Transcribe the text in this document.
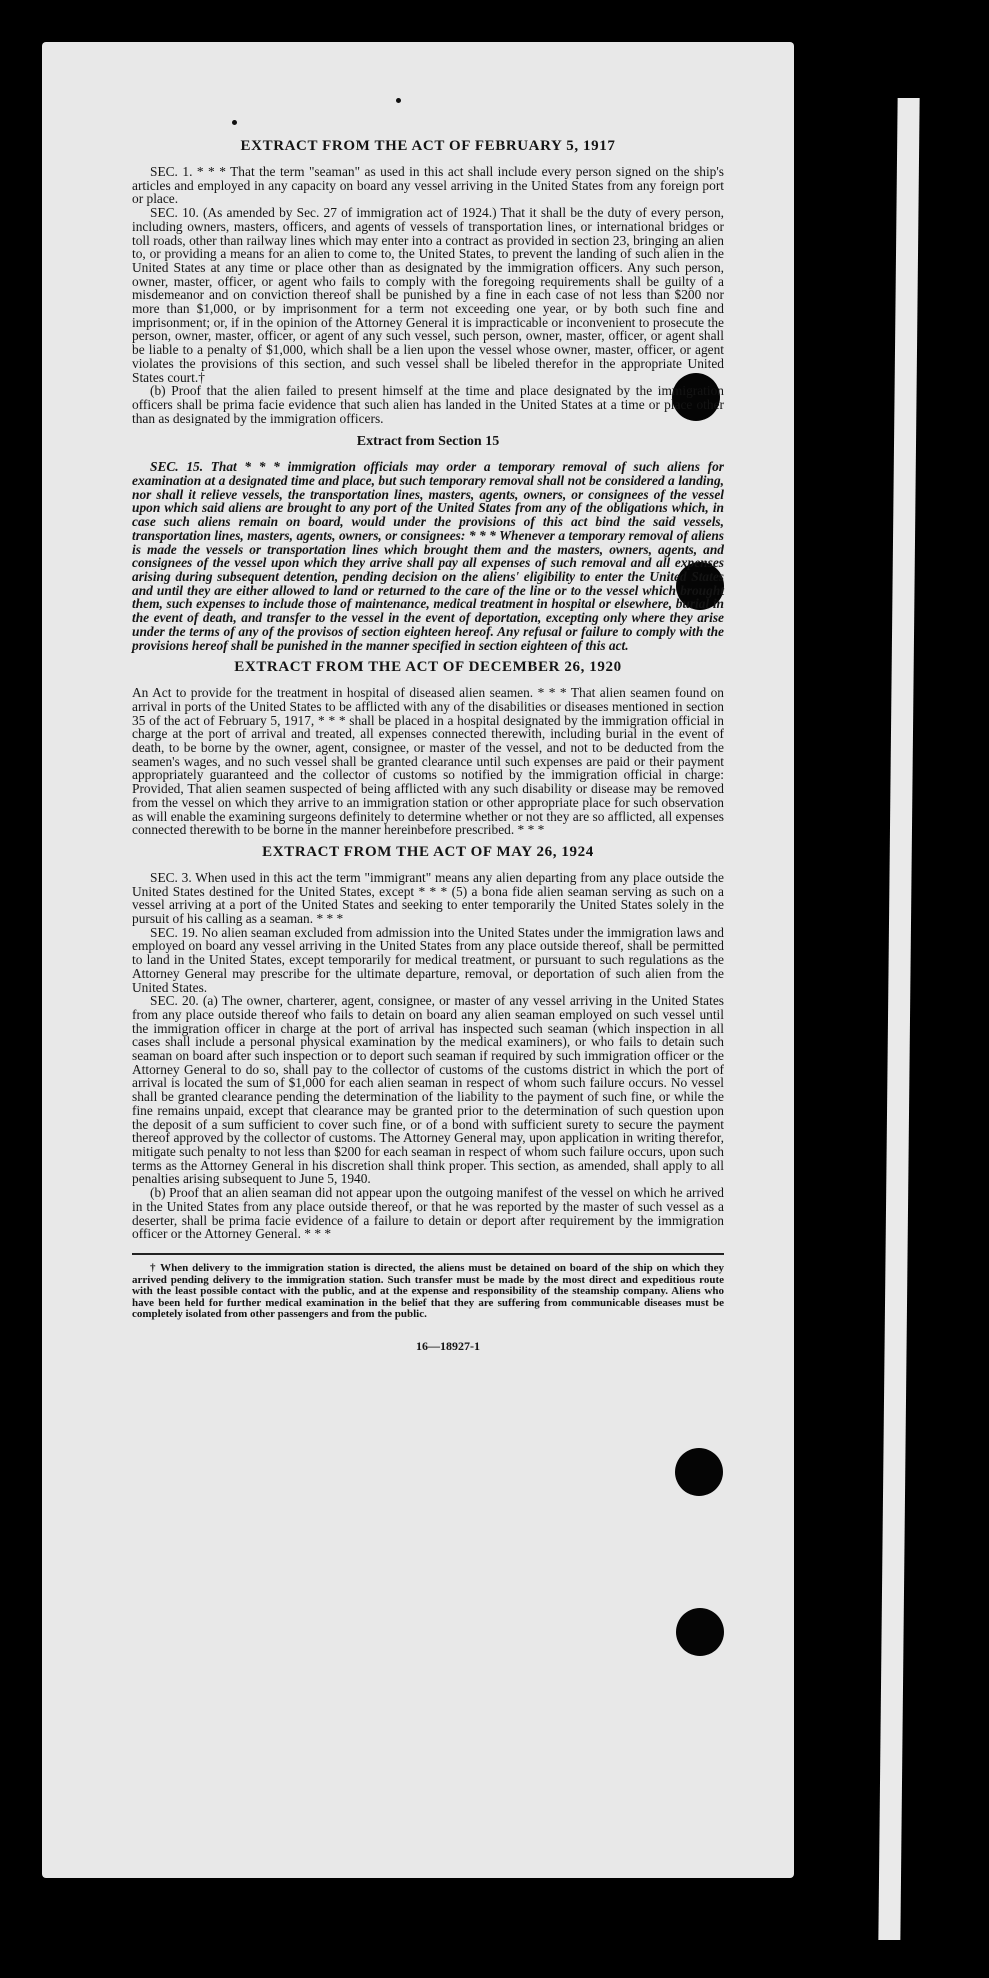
EXTRACT FROM THE ACT OF FEBRUARY 5, 1917

SEC. 1. * * * That the term "seaman" as used in this act shall include every person signed on the ship's articles and employed in any capacity on board any vessel arriving in the United States from any foreign port or place.

SEC. 10. (As amended by Sec. 27 of immigration act of 1924.) That it shall be the duty of every person, including owners, masters, officers, and agents of vessels of transportation lines, or international bridges or toll roads, other than railway lines which may enter into a contract as provided in section 23, bringing an alien to, or providing a means for an alien to come to, the United States, to prevent the landing of such alien in the United States at any time or place other than as designated by the immigration officers. Any such person, owner, master, officer, or agent who fails to comply with the foregoing requirements shall be guilty of a misdemeanor and on conviction thereof shall be punished by a fine in each case of not less than $200 nor more than $1,000, or by imprisonment for a term not exceeding one year, or by both such fine and imprisonment; or, if in the opinion of the Attorney General it is impracticable or inconvenient to prosecute the person, owner, master, officer, or agent of any such vessel, such person, owner, master, officer, or agent shall be liable to a penalty of $1,000, which shall be a lien upon the vessel whose owner, master, officer, or agent violates the provisions of this section, and such vessel shall be libeled therefor in the appropriate United States court.†

(b) Proof that the alien failed to present himself at the time and place designated by the immigration officers shall be prima facie evidence that such alien has landed in the United States at a time or place other than as designated by the immigration officers.

Extract from Section 15

SEC. 15. That * * * immigration officials may order a temporary removal of such aliens for examination at a designated time and place, but such temporary removal shall not be considered a landing, nor shall it relieve vessels, the transportation lines, masters, agents, owners, or consignees of the vessel upon which said aliens are brought to any port of the United States from any of the obligations which, in case such aliens remain on board, would under the provisions of this act bind the said vessels, transportation lines, masters, agents, owners, or consignees: * * * Whenever a temporary removal of aliens is made the vessels or transportation lines which brought them and the masters, owners, agents, and consignees of the vessel upon which they arrive shall pay all expenses of such removal and all expenses arising during subsequent detention, pending decision on the aliens' eligibility to enter the United States and until they are either allowed to land or returned to the care of the line or to the vessel which brought them, such expenses to include those of maintenance, medical treatment in hospital or elsewhere, burial in the event of death, and transfer to the vessel in the event of deportation, excepting only where they arise under the terms of any of the provisos of section eighteen hereof. Any refusal or failure to comply with the provisions hereof shall be punished in the manner specified in section eighteen of this act.

EXTRACT FROM THE ACT OF DECEMBER 26, 1920

An Act to provide for the treatment in hospital of diseased alien seamen. * * * That alien seamen found on arrival in ports of the United States to be afflicted with any of the disabilities or diseases mentioned in section 35 of the act of February 5, 1917, * * * shall be placed in a hospital designated by the immigration official in charge at the port of arrival and treated, all expenses connected therewith, including burial in the event of death, to be borne by the owner, agent, consignee, or master of the vessel, and not to be deducted from the seamen's wages, and no such vessel shall be granted clearance until such expenses are paid or their payment appropriately guaranteed and the collector of customs so notified by the immigration official in charge: Provided, That alien seamen suspected of being afflicted with any such disability or disease may be removed from the vessel on which they arrive to an immigration station or other appropriate place for such observation as will enable the examining surgeons definitely to determine whether or not they are so afflicted, all expenses connected therewith to be borne in the manner hereinbefore prescribed. * * *

EXTRACT FROM THE ACT OF MAY 26, 1924

SEC. 3. When used in this act the term "immigrant" means any alien departing from any place outside the United States destined for the United States, except * * * (5) a bona fide alien seaman serving as such on a vessel arriving at a port of the United States and seeking to enter temporarily the United States solely in the pursuit of his calling as a seaman. * * *

SEC. 19. No alien seaman excluded from admission into the United States under the immigration laws and employed on board any vessel arriving in the United States from any place outside thereof, shall be permitted to land in the United States, except temporarily for medical treatment, or pursuant to such regulations as the Attorney General may prescribe for the ultimate departure, removal, or deportation of such alien from the United States.

SEC. 20. (a) The owner, charterer, agent, consignee, or master of any vessel arriving in the United States from any place outside thereof who fails to detain on board any alien seaman employed on such vessel until the immigration officer in charge at the port of arrival has inspected such seaman (which inspection in all cases shall include a personal physical examination by the medical examiners), or who fails to detain such seaman on board after such inspection or to deport such seaman if required by such immigration officer or the Attorney General to do so, shall pay to the collector of customs of the customs district in which the port of arrival is located the sum of $1,000 for each alien seaman in respect of whom such failure occurs. No vessel shall be granted clearance pending the determination of the liability to the payment of such fine, or while the fine remains unpaid, except that clearance may be granted prior to the determination of such question upon the deposit of a sum sufficient to cover such fine, or of a bond with sufficient surety to secure the payment thereof approved by the collector of customs. The Attorney General may, upon application in writing therefor, mitigate such penalty to not less than $200 for each seaman in respect of whom such failure occurs, upon such terms as the Attorney General in his discretion shall think proper. This section, as amended, shall apply to all penalties arising subsequent to June 5, 1940.

(b) Proof that an alien seaman did not appear upon the outgoing manifest of the vessel on which he arrived in the United States from any place outside thereof, or that he was reported by the master of such vessel as a deserter, shall be prima facie evidence of a failure to detain or deport after requirement by the immigration officer or the Attorney General. * * *

† When delivery to the immigration station is directed, the aliens must be detained on board of the ship on which they arrived pending delivery to the immigration station. Such transfer must be made by the most direct and expeditious route with the least possible contact with the public, and at the expense and responsibility of the steamship company. Aliens who have been held for further medical examination in the belief that they are suffering from communicable diseases must be completely isolated from other passengers and from the public.

16—18927-1
